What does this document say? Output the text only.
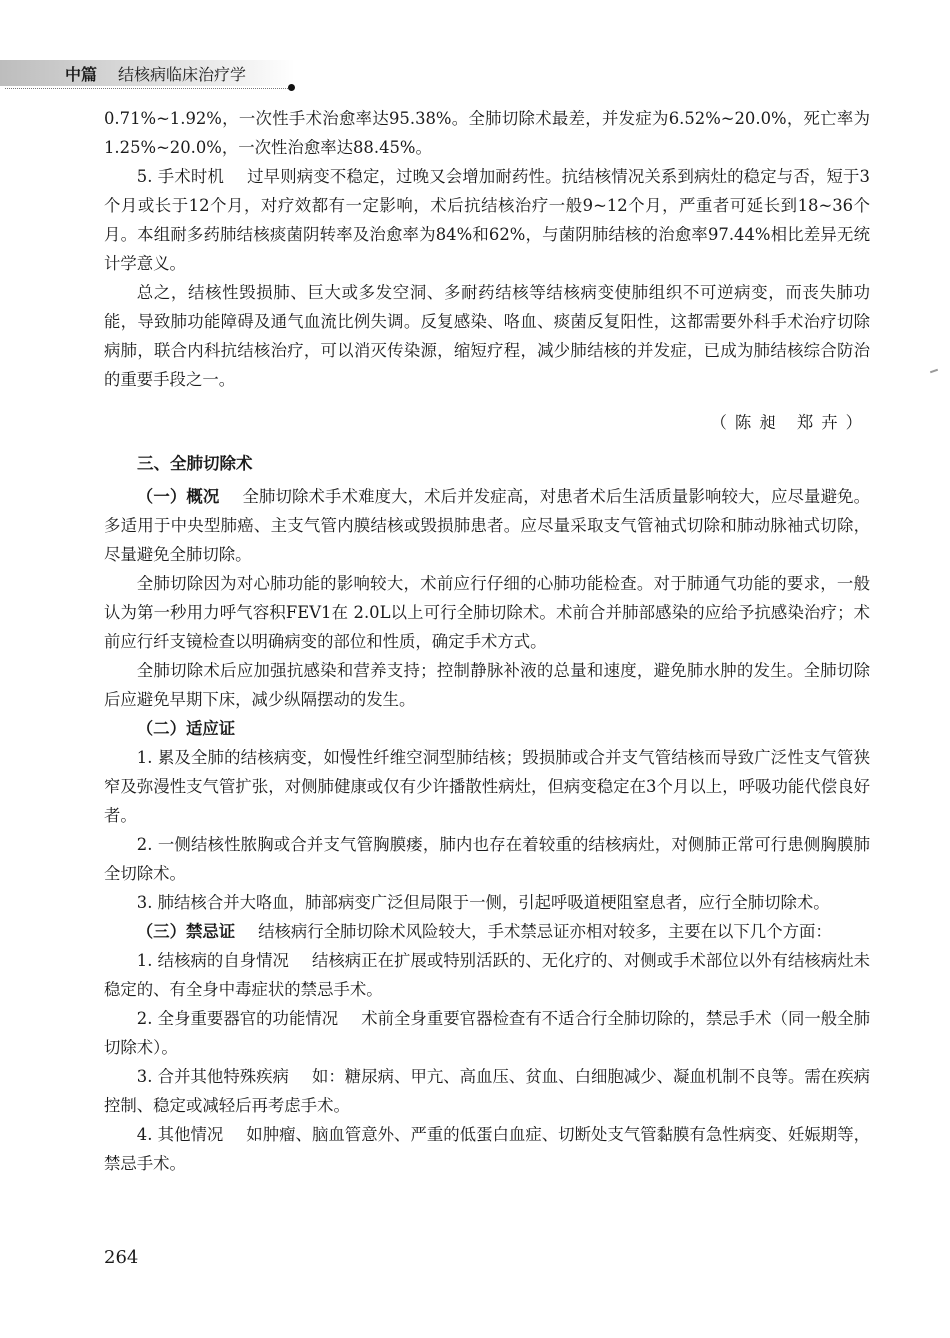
中篇 结核病临床治疗学

0.71%~1.92%，一次性手术治愈率达95.38%。全肺切除术最差，并发症为6.52%~20.0%，死亡率为1.25%~20.0%，一次性治愈率达88.45%。

5. 手术时机 过早则病变不稳定，过晚又会增加耐药性。抗结核情况关系到病灶的稳定与否，短于3个月或长于12个月，对疗效都有一定影响，术后抗结核治疗一般9~12个月，严重者可延长到18~36个月。本组耐多药肺结核痰菌阴转率及治愈率为84%和62%，与菌阴肺结核的治愈率97.44%相比差异无统计学意义。

总之，结核性毁损肺、巨大或多发空洞、多耐药结核等结核病变使肺组织不可逆病变，而丧失肺功能，导致肺功能障碍及通气血流比例失调。反复感染、咯血、痰菌反复阳性，这都需要外科手术治疗切除病肺，联合内科抗结核治疗，可以消灭传染源，缩短疗程，减少肺结核的并发症，已成为肺结核综合防治的重要手段之一。

（陈昶 郑卉）

三、全肺切除术

（一）概况 全肺切除术手术难度大，术后并发症高，对患者术后生活质量影响较大，应尽量避免。多适用于中央型肺癌、主支气管内膜结核或毁损肺患者。应尽量采取支气管袖式切除和肺动脉袖式切除，尽量避免全肺切除。

全肺切除因为对心肺功能的影响较大，术前应行仔细的心肺功能检查。对于肺通气功能的要求，一般认为第一秒用力呼气容积FEV1在 2.0L以上可行全肺切除术。术前合并肺部感染的应给予抗感染治疗；术前应行纤支镜检查以明确病变的部位和性质，确定手术方式。

全肺切除术后应加强抗感染和营养支持；控制静脉补液的总量和速度，避免肺水肿的发生。全肺切除后应避免早期下床，减少纵隔摆动的发生。

（二）适应证

1. 累及全肺的结核病变，如慢性纤维空洞型肺结核；毁损肺或合并支气管结核而导致广泛性支气管狭窄及弥漫性支气管扩张，对侧肺健康或仅有少许播散性病灶，但病变稳定在3个月以上，呼吸功能代偿良好者。

2. 一侧结核性脓胸或合并支气管胸膜瘘，肺内也存在着较重的结核病灶，对侧肺正常可行患侧胸膜肺全切除术。

3. 肺结核合并大咯血，肺部病变广泛但局限于一侧，引起呼吸道梗阻窒息者，应行全肺切除术。

（三）禁忌证 结核病行全肺切除术风险较大，手术禁忌证亦相对较多，主要在以下几个方面：

1. 结核病的自身情况 结核病正在扩展或特别活跃的、无化疗的、对侧或手术部位以外有结核病灶未稳定的、有全身中毒症状的禁忌手术。

2. 全身重要器官的功能情况 术前全身重要官器检查有不适合行全肺切除的，禁忌手术（同一般全肺切除术）。

3. 合并其他特殊疾病 如：糖尿病、甲亢、高血压、贫血、白细胞减少、凝血机制不良等。需在疾病控制、稳定或减轻后再考虑手术。

4. 其他情况 如肿瘤、脑血管意外、严重的低蛋白血症、切断处支气管黏膜有急性病变、妊娠期等，禁忌手术。

264
